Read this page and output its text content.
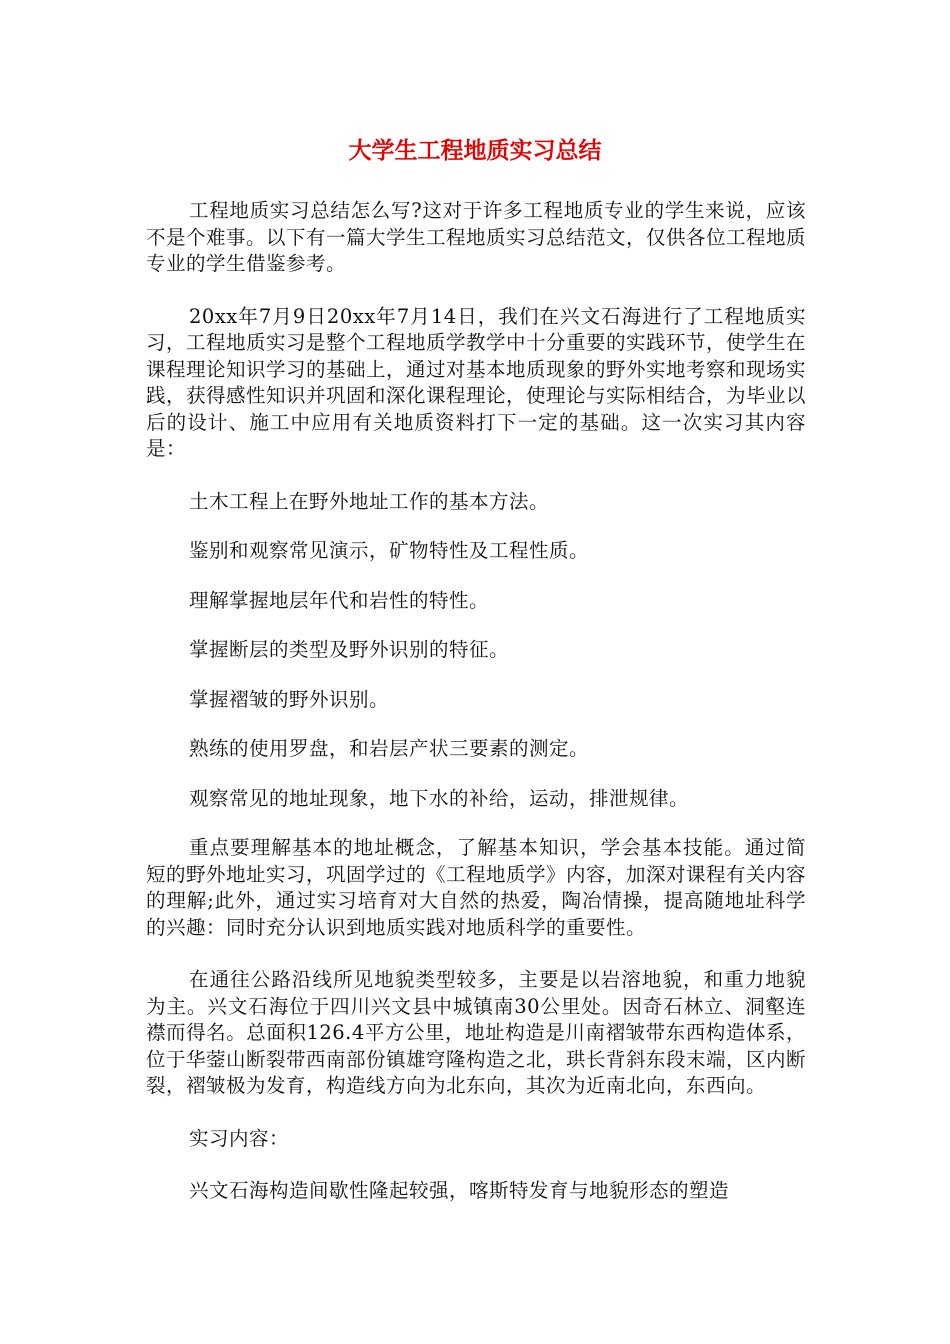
大学生工程地质实习总结

工程地质实习总结怎么写?这对于许多工程地质专业的学生来说，应该不是个难事。以下有一篇大学生工程地质实习总结范文，仅供各位工程地质专业的学生借鉴参考。

20xx年7月9日20xx年7月14日，我们在兴文石海进行了工程地质实习，工程地质实习是整个工程地质学教学中十分重要的实践环节，使学生在课程理论知识学习的基础上，通过对基本地质现象的野外实地考察和现场实践，获得感性知识并巩固和深化课程理论，使理论与实际相结合，为毕业以后的设计、施工中应用有关地质资料打下一定的基础。这一次实习其内容是：

土木工程上在野外地址工作的基本方法。

鉴别和观察常见演示，矿物特性及工程性质。

理解掌握地层年代和岩性的特性。

掌握断层的类型及野外识别的特征。

掌握褶皱的野外识别。

熟练的使用罗盘，和岩层产状三要素的测定。

观察常见的地址现象，地下水的补给，运动，排泄规律。

重点要理解基本的地址概念，了解基本知识，学会基本技能。通过简短的野外地址实习，巩固学过的《工程地质学》内容，加深对课程有关内容的理解;此外，通过实习培育对大自然的热爱，陶冶情操，提高随地址科学的兴趣：同时充分认识到地质实践对地质科学的重要性。

在通往公路沿线所见地貌类型较多，主要是以岩溶地貌，和重力地貌为主。兴文石海位于四川兴文县中城镇南30公里处。因奇石林立、洞壑连襟而得名。总面积126.4平方公里，地址构造是川南褶皱带东西构造体系，位于华蓥山断裂带西南部份镇雄穹隆构造之北，珙长背斜东段末端，区内断裂，褶皱极为发育，构造线方向为北东向，其次为近南北向，东西向。

实习内容：

兴文石海构造间歇性隆起较强，喀斯特发育与地貌形态的塑造
